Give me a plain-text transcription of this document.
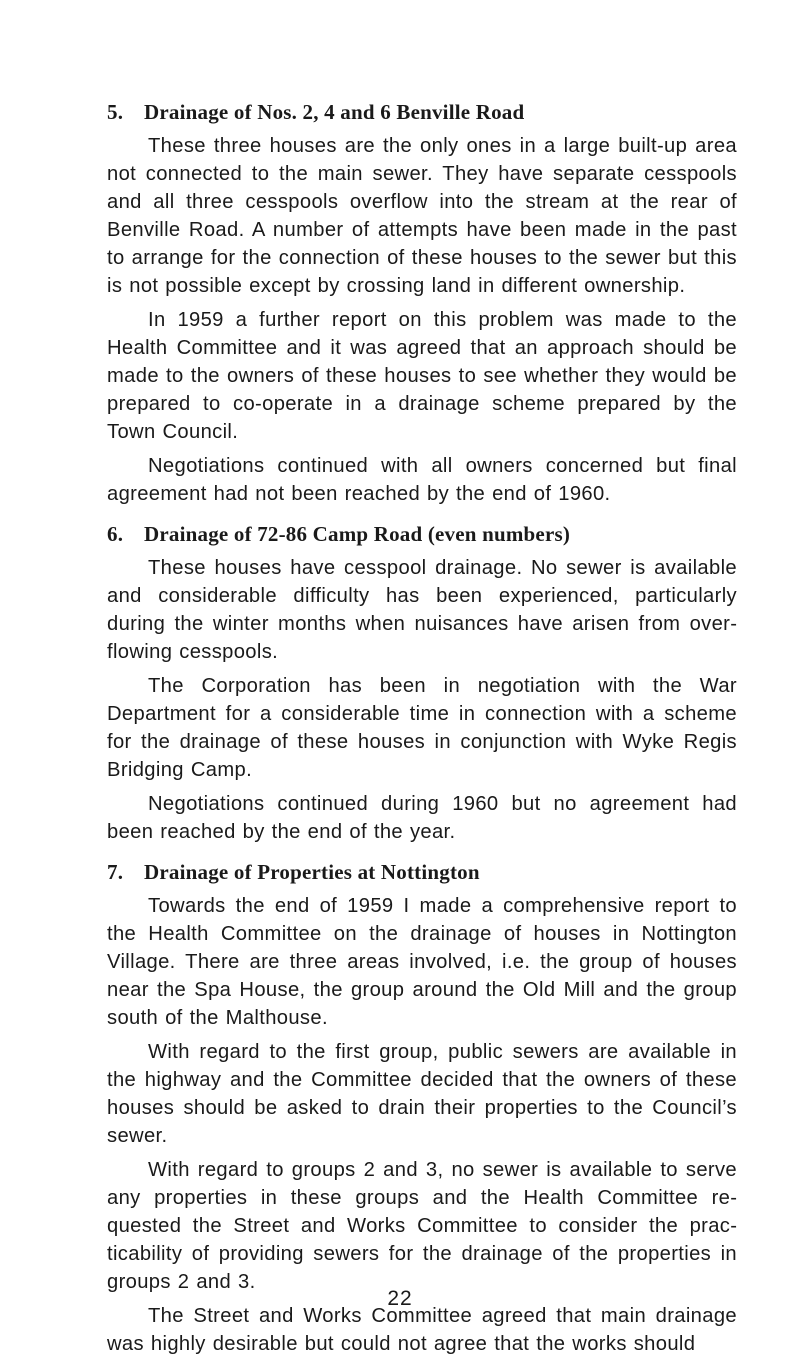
5. Drainage of Nos. 2, 4 and 6 Benville Road

These three houses are the only ones in a large built-up area not connected to the main sewer. They have separate cesspools and all three cesspools overflow into the stream at the rear of Benville Road. A number of attempts have been made in the past to arrange for the connection of these houses to the sewer but this is not possible except by crossing land in different ownership.

In 1959 a further report on this problem was made to the Health Committee and it was agreed that an approach should be made to the owners of these houses to see whether they would be prepared to co-operate in a drainage scheme prepared by the Town Council.

Negotiations continued with all owners concerned but final agreement had not been reached by the end of 1960.

6. Drainage of 72-86 Camp Road (even numbers)

These houses have cesspool drainage. No sewer is available and considerable difficulty has been experienced, particularly during the winter months when nuisances have arisen from overflowing cesspools.

The Corporation has been in negotiation with the War Department for a considerable time in connection with a scheme for the drainage of these houses in conjunction with Wyke Regis Bridging Camp.

Negotiations continued during 1960 but no agreement had been reached by the end of the year.

7. Drainage of Properties at Nottington

Towards the end of 1959 I made a comprehensive report to the Health Committee on the drainage of houses in Nottington Village. There are three areas involved, i.e. the group of houses near the Spa House, the group around the Old Mill and the group south of the Malthouse.

With regard to the first group, public sewers are available in the highway and the Committee decided that the owners of these houses should be asked to drain their properties to the Council’s sewer.

With regard to groups 2 and 3, no sewer is available to serve any properties in these groups and the Health Committee requested the Street and Works Committee to consider the practicability of providing sewers for the drainage of the properties in groups 2 and 3.

The Street and Works Committee agreed that main drainage was highly desirable but could not agree that the works should

22
